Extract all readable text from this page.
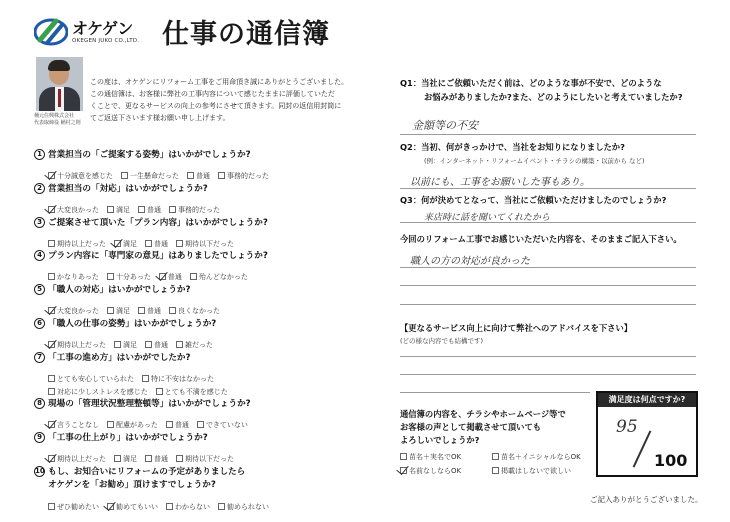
オケゲン
OKEGEN JUKO CO.,LTD. 仕事の通信簿
桶元住興株式会社
代表取締役 桶村之則
この度は、オケゲンにリフォーム工事をご用命頂き誠にありがとうございました。
この通信簿は、お客様に弊社の工事内容について感じたままに評価していただ
くことで、更なるサービスの向上の参考にさせて頂きます。同封の返信用封筒に
てご返送下さいます様お願い申し上げます。
1 営業担当の「ご提案する姿勢」はいかがでしょうか?
十分誠意を感じた 一生懸命だった 普通 事務的だった
2 営業担当の「対応」はいかがでしょうか?
大変良かった 満足 普通 事務的だった
3 ご提案させて頂いた「プラン内容」はいかがでしょうか?
期待以上だった 満足 普通 期待以下だった
4 プラン内容に「専門家の意見」はありましたでしょうか?
かなりあった 十分あった 普通 殆んどなかった
5 「職人の対応」はいかがでしょうか?
大変良かった 満足 普通 良くなかった
6 「職人の仕事の姿勢」はいかがでしょうか?
期待以上だった 満足 普通 雑だった
7 「工事の進め方」はいかがでしたか?
とても安心していられた 特に不安はなかった
対応に少しストレスを感じた とても不満を感じた
8 現場の「管理状況整理整頓等」はいかがでしょうか?
言うことなし 配慮があった 普通 できていない
9 「工事の仕上がり」はいかがでしょうか?
期待以上だった 満足 普通 期待以下だった
10 もし、お知合いにリフォームの予定がありましたら
オケゲンを「お勧め」頂けますでしょうか?
ぜひ勧めたい 勧めてもいい わからない 勧められない
Q1：当社にご依頼いただく前は、どのような事が不安で、どのような
お悩みがありましたか?また、どのようにしたいと考えていましたか?
金額等の不安
Q2：当初、何がきっかけで、当社をお知りになりましたか?
(例：インターネット・リフォームイベント・チラシの構築・以前から など)
以前にも、工事をお願いした事もあり。
Q3：何が決めてとなって、当社にご依頼いただけましたのでしょうか?
来店時に話を聞いてくれたから
今回のリフォーム工事でお感じいただいた内容を、そのままご記入下さい。
職人の方の対応が良かった
【更なるサービス向上に向けて弊社へのアドバイスを下さい】
(どの様な内容でも結構です)
通信簿の内容を、チラシやホームページ等で
お客様の声として掲載させて頂いても
よろしいでしょうか?
苗名＋実名でOK	苗名＋イニシャルならOK
名前なしならOK	掲載はしないで欲しい
満足度は何点ですか?
95
100
ご記入ありがとうございました。
